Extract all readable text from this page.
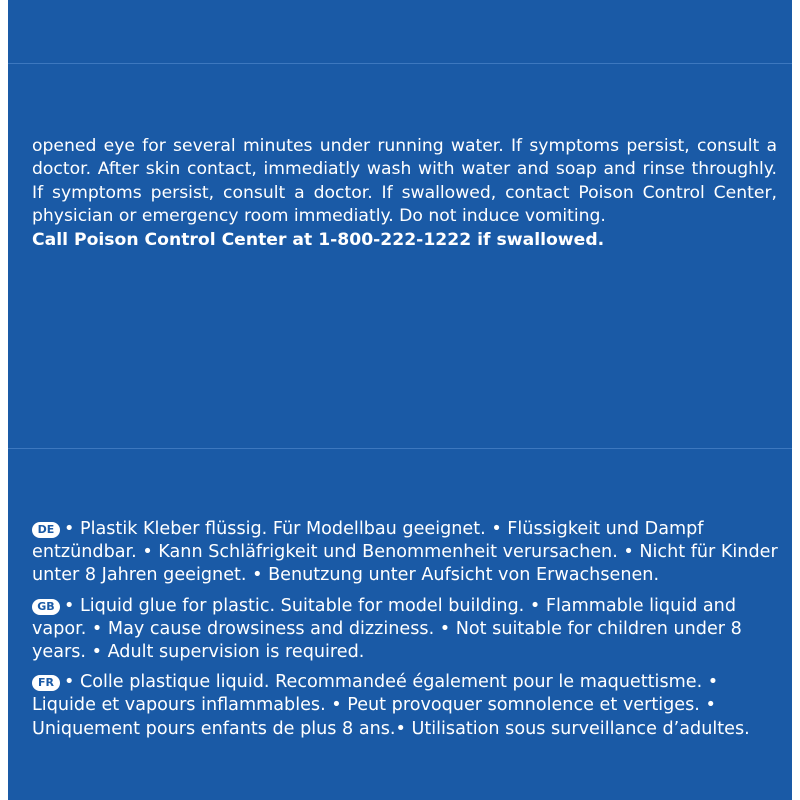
opened eye for several minutes under running water. If symptoms persist, consult a doctor. After skin contact, immediatly wash with water and soap and rinse throughly. If symptoms persist, consult a doctor. If swallowed, contact Poison Control Center, physician or emergency room immediatly. Do not induce vomiting.
Call Poison Control Center at 1-800-222-1222 if swallowed.

DE • Plastik Kleber flüssig. Für Modellbau geeignet. • Flüssigkeit und Dampf entzündbar. • Kann Schläfrigkeit und Benommenheit verursachen. • Nicht für Kinder unter 8 Jahren geeignet. • Benutzung unter Aufsicht von Erwachsenen.
GB • Liquid glue for plastic. Suitable for model building. • Flammable liquid and vapor. • May cause drowsiness and dizziness. • Not suitable for children under 8 years. • Adult supervision is required.
FR • Colle plastique liquid. Recommandeé également pour le maquettisme. • Liquide et vapours inflammables. • Peut provoquer somnolence et vertiges. • Uniquement pours enfants de plus 8 ans.• Utilisation sous surveillance d’adultes.
